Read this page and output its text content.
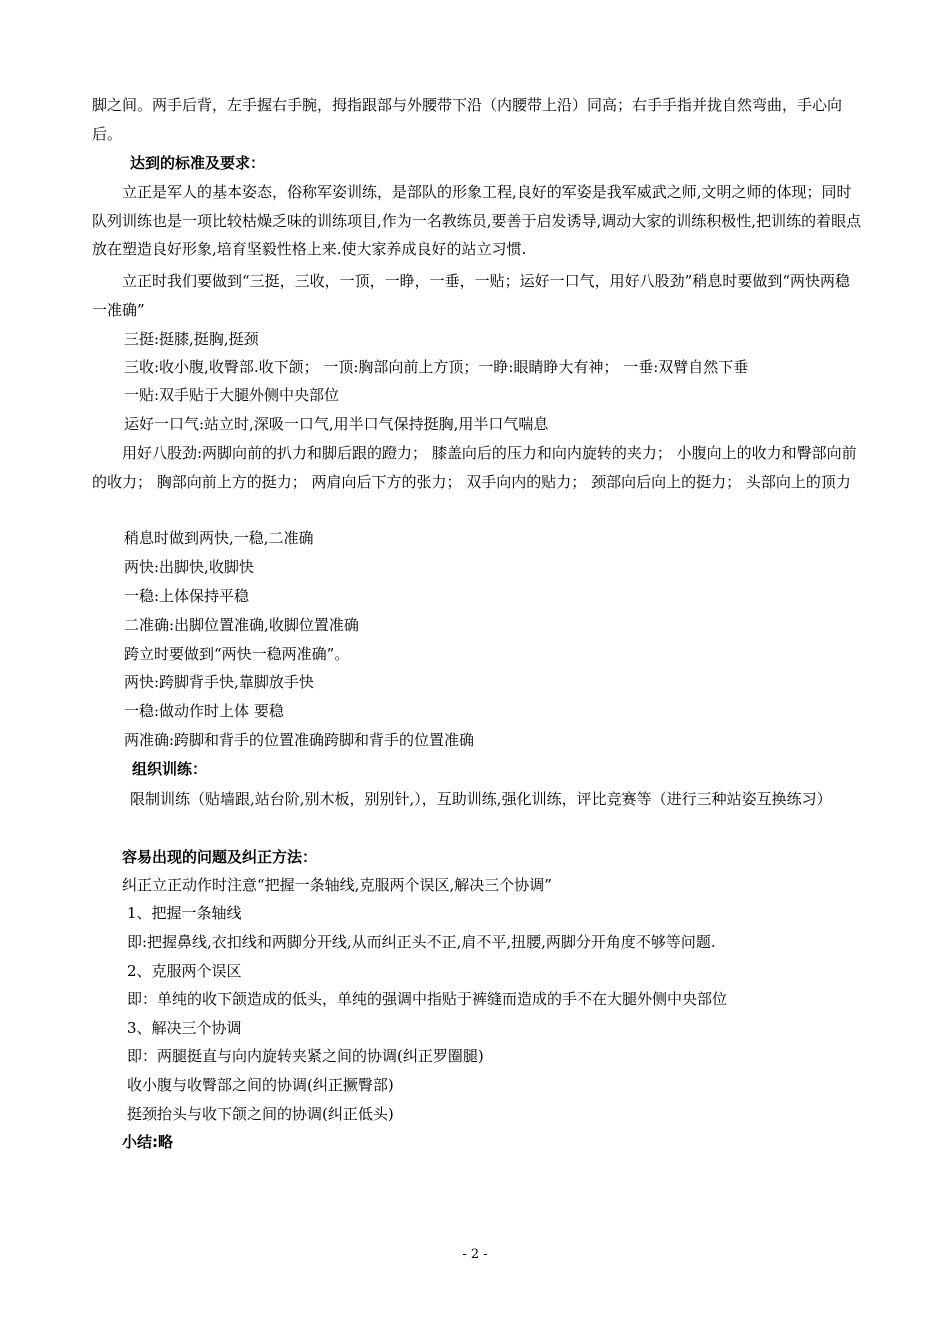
脚之间。两手后背，左手握右手腕，拇指跟部与外腰带下沿（内腰带上沿）同高；右手手指并拢自然弯曲，手心向后。

达到的标准及要求：

立正是军人的基本姿态，俗称军姿训练，是部队的形象工程,良好的军姿是我军威武之师,文明之师的体现；同时队列训练也是一项比较枯燥乏味的训练项目,作为一名教练员,要善于启发诱导,调动大家的训练积极性,把训练的着眼点放在塑造良好形象,培育坚毅性格上来.使大家养成良好的站立习惯.

立正时我们要做到“三挺，三收，一顶，一睁，一垂，一贴；运好一口气，用好八股劲”稍息时要做到“两快两稳一准确”

三挺:挺膝,挺胸,挺颈

三收:收小腹,收臀部.收下颌； 一顶:胸部向前上方顶；一睁:眼睛睁大有神； 一垂:双臂自然下垂

一贴:双手贴于大腿外侧中央部位

运好一口气:站立时,深吸一口气,用半口气保持挺胸,用半口气喘息

用好八股劲:两脚向前的扒力和脚后跟的蹬力； 膝盖向后的压力和向内旋转的夹力； 小腹向上的收力和臀部向前的收力； 胸部向前上方的挺力； 两肩向后下方的张力； 双手向内的贴力； 颈部向后向上的挺力； 头部向上的顶力

稍息时做到两快,一稳,二准确

两快:出脚快,收脚快

一稳:上体保持平稳

二准确:出脚位置准确,收脚位置准确

跨立时要做到“两快一稳两准确”。

两快:跨脚背手快,靠脚放手快

一稳:做动作时上体 要稳

两准确:跨脚和背手的位置准确跨脚和背手的位置准确

组织训练：

限制训练（贴墙跟,站台阶,别木板，别别针,），互助训练,强化训练，评比竞赛等（进行三种站姿互换练习）

容易出现的问题及纠正方法：

纠正立正动作时注意“把握一条轴线,克服两个误区,解决三个协调”

1、把握一条轴线

即:把握鼻线,衣扣线和两脚分开线,从而纠正头不正,肩不平,扭腰,两脚分开角度不够等问题.

2、克服两个误区

即：单纯的收下颌造成的低头，单纯的强调中指贴于裤缝而造成的手不在大腿外侧中央部位

3、解决三个协调

即：两腿挺直与向内旋转夹紧之间的协调(纠正罗圈腿)

收小腹与收臀部之间的协调(纠正撅臀部)

挺颈抬头与收下颌之间的协调(纠正低头)

小结:略

- 2 -
